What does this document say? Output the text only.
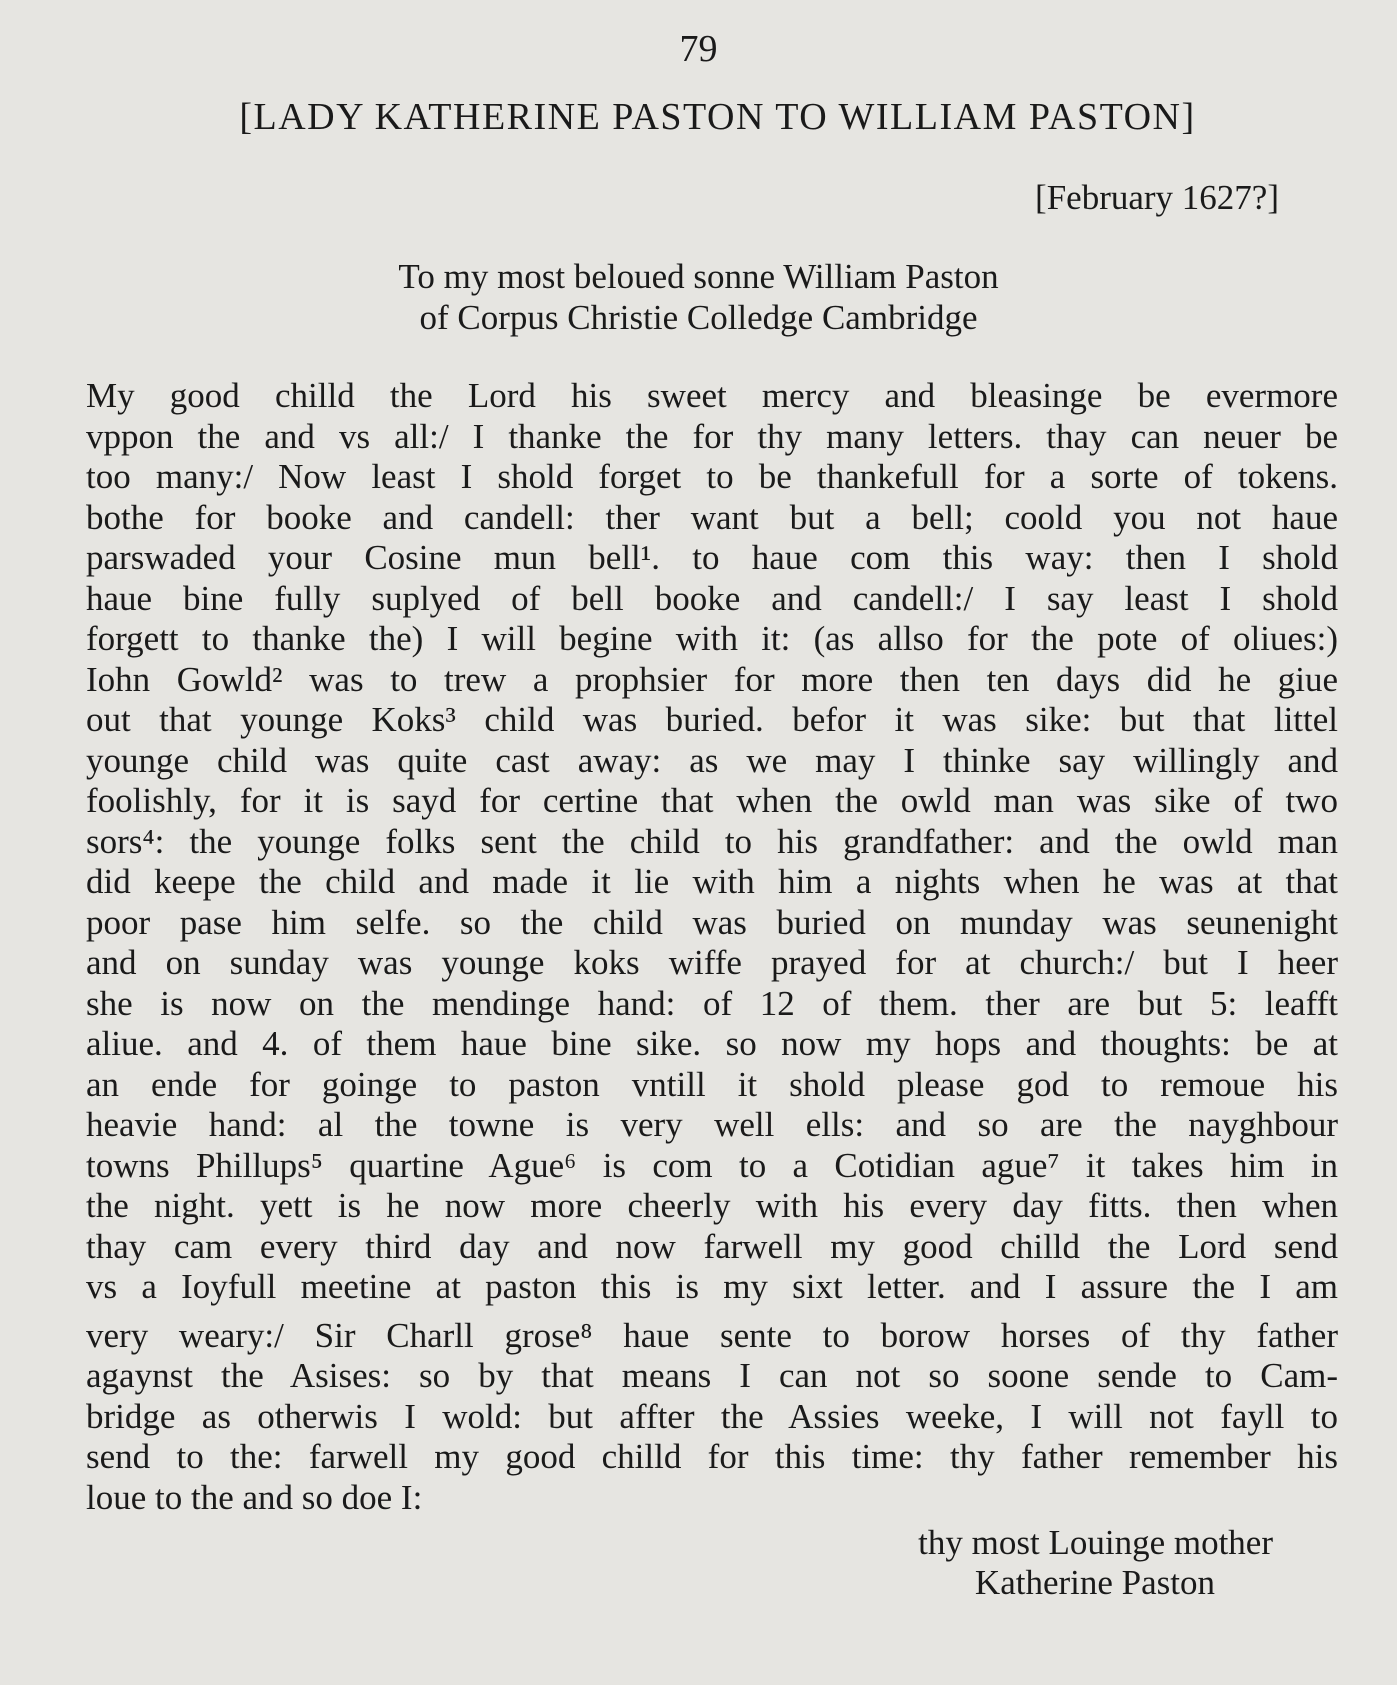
79
[LADY KATHERINE PASTON TO WILLIAM PASTON]
[February 1627?]
To my most beloued sonne William Paston
of Corpus Christie Colledge Cambridge
My good chilld the Lord his sweet mercy and bleasinge be evermore
vppon the and vs all:/ I thanke the for thy many letters. thay can neuer be
too many:/ Now least I shold forget to be thankefull for a sorte of tokens.
bothe for booke and candell: ther want but a bell; coold you not haue
parswaded your Cosine mun bell¹. to haue com this way: then I shold
haue bine fully suplyed of bell booke and candell:/ I say least I shold
forgett to thanke the) I will begine with it: (as allso for the pote of oliues:)
Iohn Gowld² was to trew a prophsier for more then ten days did he giue
out that younge Koks³ child was buried. befor it was sike: but that littel
younge child was quite cast away: as we may I thinke say willingly and
foolishly, for it is sayd for certine that when the owld man was sike of two
sors⁴: the younge folks sent the child to his grandfather: and the owld man
did keepe the child and made it lie with him a nights when he was at that
poor pase him selfe. so the child was buried on munday was seunenight
and on sunday was younge koks wiffe prayed for at church:/ but I heer
she is now on the mendinge hand: of 12 of them. ther are but 5: leafft
aliue. and 4. of them haue bine sike. so now my hops and thoughts: be at
an ende for goinge to paston vntill it shold please god to remoue his
heavie hand: al the towne is very well ells: and so are the nayghbour
towns Phillups⁵ quartine Ague⁶ is com to a Cotidian ague⁷ it takes him in
the night. yett is he now more cheerly with his every day fitts. then when
thay cam every third day and now farwell my good chilld the Lord send
vs a Ioyfull meetine at paston this is my sixt letter. and I assure the I am
very weary:/ Sir Charll grose⁸ haue sente to borow horses of thy father
agaynst the Asises: so by that means I can not so soone sende to Cam-
bridge as otherwis I wold: but affter the Assies weeke, I will not fayll to
send to the: farwell my good chilld for this time: thy father remember his
loue to the and so doe I:
thy most Louinge mother
Katherine Paston
